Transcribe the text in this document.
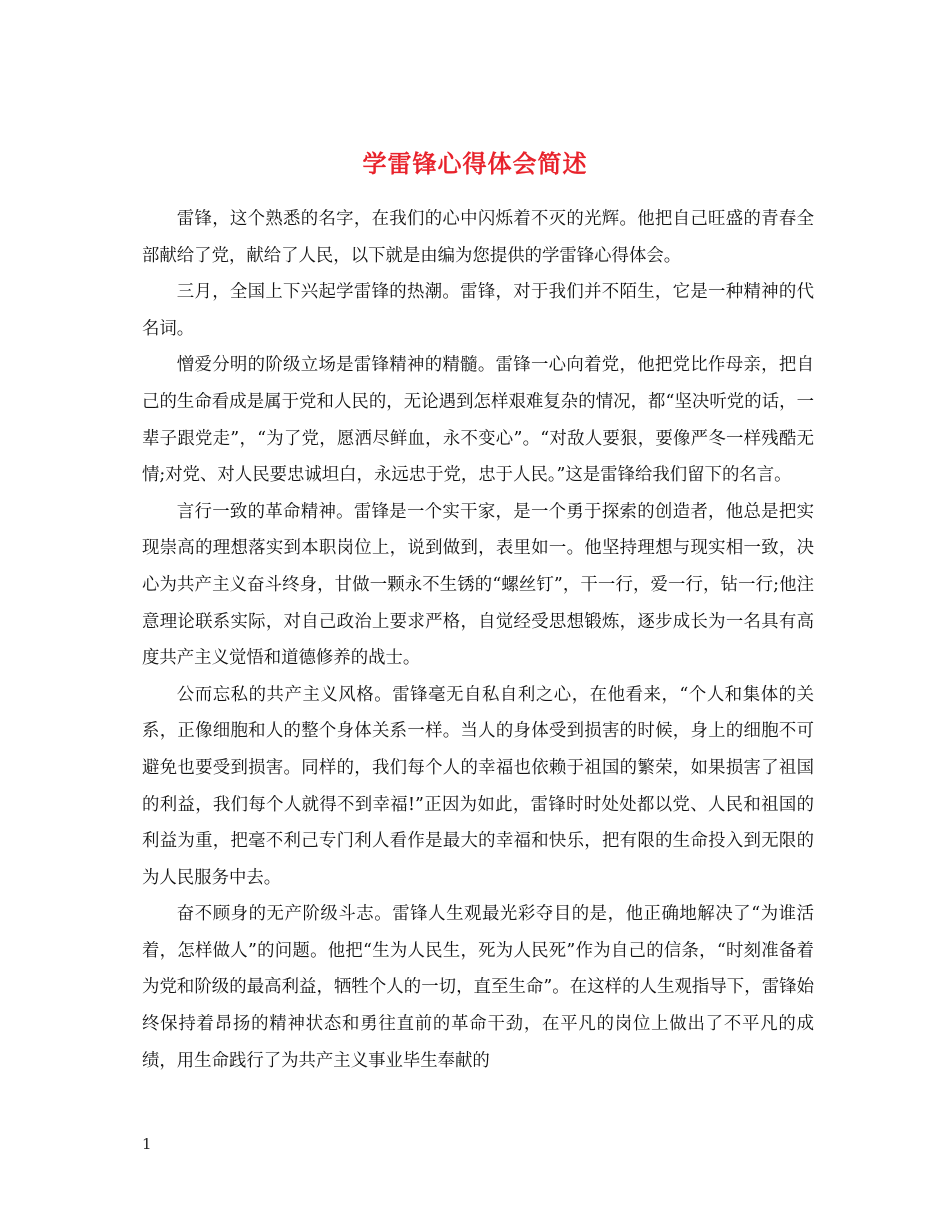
学雷锋心得体会简述

雷锋，这个熟悉的名字，在我们的心中闪烁着不灭的光辉。他把自己旺盛的青春全部献给了党，献给了人民，以下就是由编为您提供的学雷锋心得体会。

三月，全国上下兴起学雷锋的热潮。雷锋，对于我们并不陌生，它是一种精神的代名词。

憎爱分明的阶级立场是雷锋精神的精髓。雷锋一心向着党，他把党比作母亲，把自己的生命看成是属于党和人民的，无论遇到怎样艰难复杂的情况，都“坚决听党的话，一辈子跟党走”，“为了党，愿洒尽鲜血，永不变心”。“对敌人要狠，要像严冬一样残酷无情;对党、对人民要忠诚坦白，永远忠于党，忠于人民。”这是雷锋给我们留下的名言。

言行一致的革命精神。雷锋是一个实干家，是一个勇于探索的创造者，他总是把实现崇高的理想落实到本职岗位上，说到做到，表里如一。他坚持理想与现实相一致，决心为共产主义奋斗终身，甘做一颗永不生锈的“螺丝钉”，干一行，爱一行，钻一行;他注意理论联系实际，对自己政治上要求严格，自觉经受思想锻炼，逐步成长为一名具有高度共产主义觉悟和道德修养的战士。

公而忘私的共产主义风格。雷锋毫无自私自利之心，在他看来，“个人和集体的关系，正像细胞和人的整个身体关系一样。当人的身体受到损害的时候，身上的细胞不可避免也要受到损害。同样的，我们每个人的幸福也依赖于祖国的繁荣，如果损害了祖国的利益，我们每个人就得不到幸福!”正因为如此，雷锋时时处处都以党、人民和祖国的利益为重，把毫不利己专门利人看作是最大的幸福和快乐，把有限的生命投入到无限的为人民服务中去。

奋不顾身的无产阶级斗志。雷锋人生观最光彩夺目的是，他正确地解决了“为谁活着，怎样做人”的问题。他把“生为人民生，死为人民死”作为自己的信条，“时刻准备着为党和阶级的最高利益，牺牲个人的一切，直至生命”。在这样的人生观指导下，雷锋始终保持着昂扬的精神状态和勇往直前的革命干劲，在平凡的岗位上做出了不平凡的成绩，用生命践行了为共产主义事业毕生奉献的

1
